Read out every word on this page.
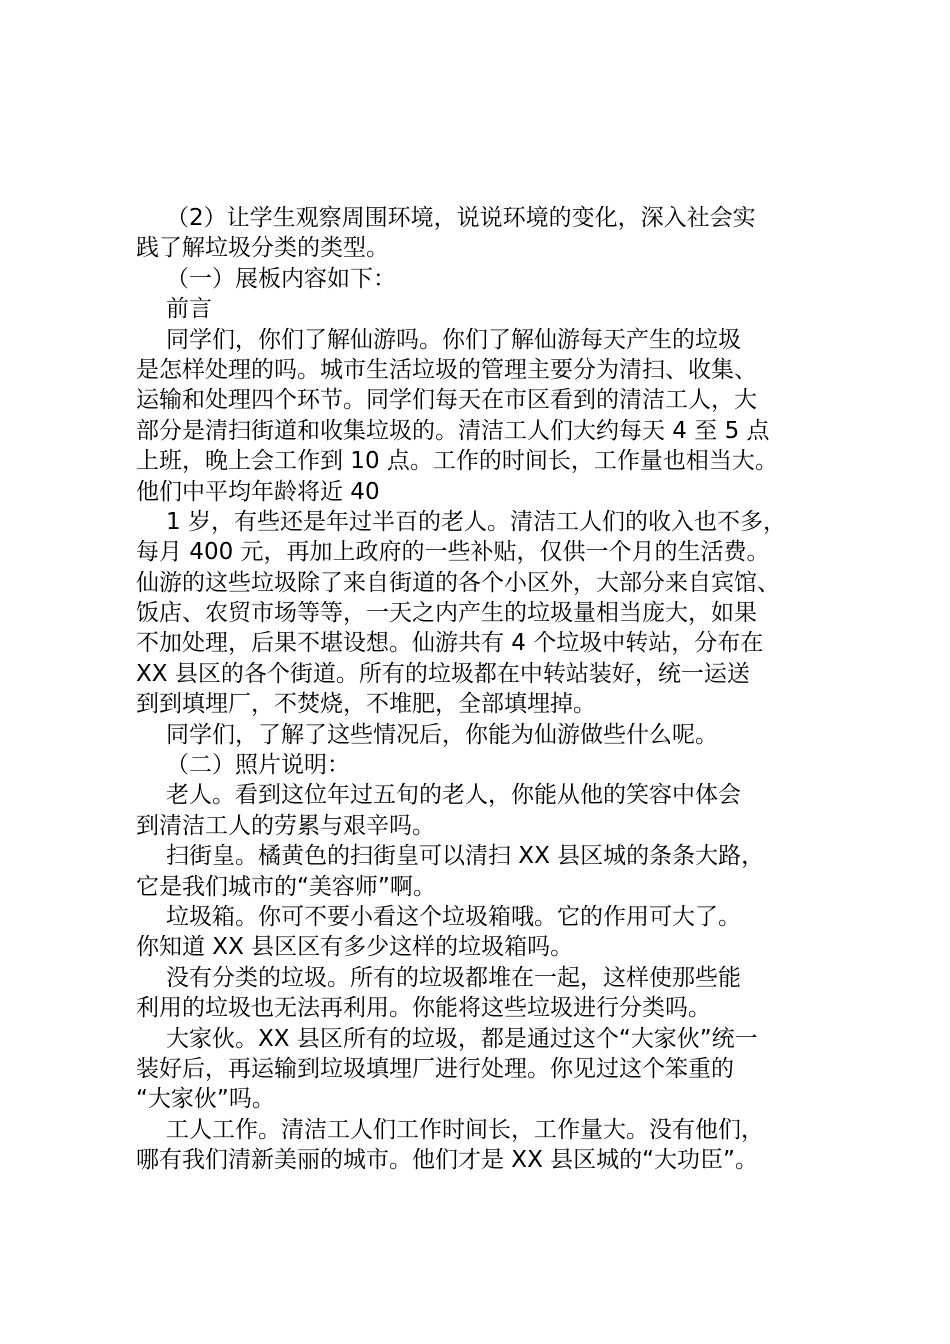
（2）让学生观察周围环境，说说环境的变化，深入社会实
践了解垃圾分类的类型。
（一）展板内容如下：
前言
同学们，你们了解仙游吗。你们了解仙游每天产生的垃圾
是怎样处理的吗。城市生活垃圾的管理主要分为清扫、收集、
运输和处理四个环节。同学们每天在市区看到的清洁工人，大
部分是清扫街道和收集垃圾的。清洁工人们大约每天 4 至 5 点
上班，晚上会工作到 10 点。工作的时间长，工作量也相当大。
他们中平均年龄将近 40
1 岁，有些还是年过半百的老人。清洁工人们的收入也不多，
每月 400 元，再加上政府的一些补贴，仅供一个月的生活费。
仙游的这些垃圾除了来自街道的各个小区外，大部分来自宾馆、
饭店、农贸市场等等，一天之内产生的垃圾量相当庞大，如果
不加处理，后果不堪设想。仙游共有 4 个垃圾中转站，分布在
XX 县区的各个街道。所有的垃圾都在中转站装好，统一运送
到到填埋厂，不焚烧，不堆肥，全部填埋掉。
同学们，了解了这些情况后，你能为仙游做些什么呢。
（二）照片说明：
老人。看到这位年过五旬的老人，你能从他的笑容中体会
到清洁工人的劳累与艰辛吗。
扫街皇。橘黄色的扫街皇可以清扫 XX 县区城的条条大路，
它是我们城市的“美容师”啊。
垃圾箱。你可不要小看这个垃圾箱哦。它的作用可大了。
你知道 XX 县区区有多少这样的垃圾箱吗。
没有分类的垃圾。所有的垃圾都堆在一起，这样使那些能
利用的垃圾也无法再利用。你能将这些垃圾进行分类吗。
大家伙。XX 县区所有的垃圾，都是通过这个“大家伙”统一
装好后，再运输到垃圾填埋厂进行处理。你见过这个笨重的
“大家伙”吗。
工人工作。清洁工人们工作时间长，工作量大。没有他们，
哪有我们清新美丽的城市。他们才是 XX 县区城的“大功臣”。
